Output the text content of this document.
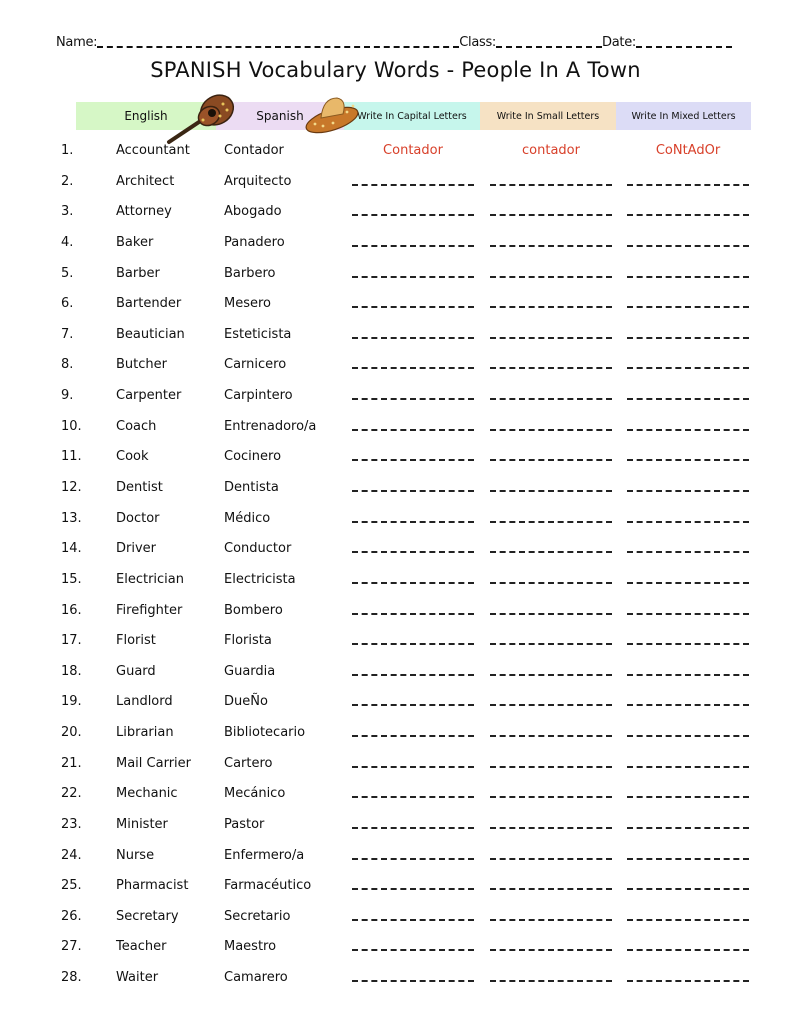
Name:	Class:	Date:
SPANISH Vocabulary Words - People In A Town
English	Spanish	Write In Capital Letters	Write In Small Letters	Write In Mixed Letters
1.	Accountant	Contador	Contador	contador	CoNtAdOr
2.	Architect	Arquitecto
3.	Attorney	Abogado
4.	Baker	Panadero
5.	Barber	Barbero
6.	Bartender	Mesero
7.	Beautician	Esteticista
8.	Butcher	Carnicero
9.	Carpenter	Carpintero
10.	Coach	Entrenadoro/a
11.	Cook	Cocinero
12.	Dentist	Dentista
13.	Doctor	Médico
14.	Driver	Conductor
15.	Electrician	Electricista
16.	Firefighter	Bombero
17.	Florist	Florista
18.	Guard	Guardia
19.	Landlord	DueÑo
20.	Librarian	Bibliotecario
21.	Mail Carrier	Cartero
22.	Mechanic	Mecánico
23.	Minister	Pastor
24.	Nurse	Enfermero/a
25.	Pharmacist	Farmacéutico
26.	Secretary	Secretario
27.	Teacher	Maestro
28.	Waiter	Camarero
